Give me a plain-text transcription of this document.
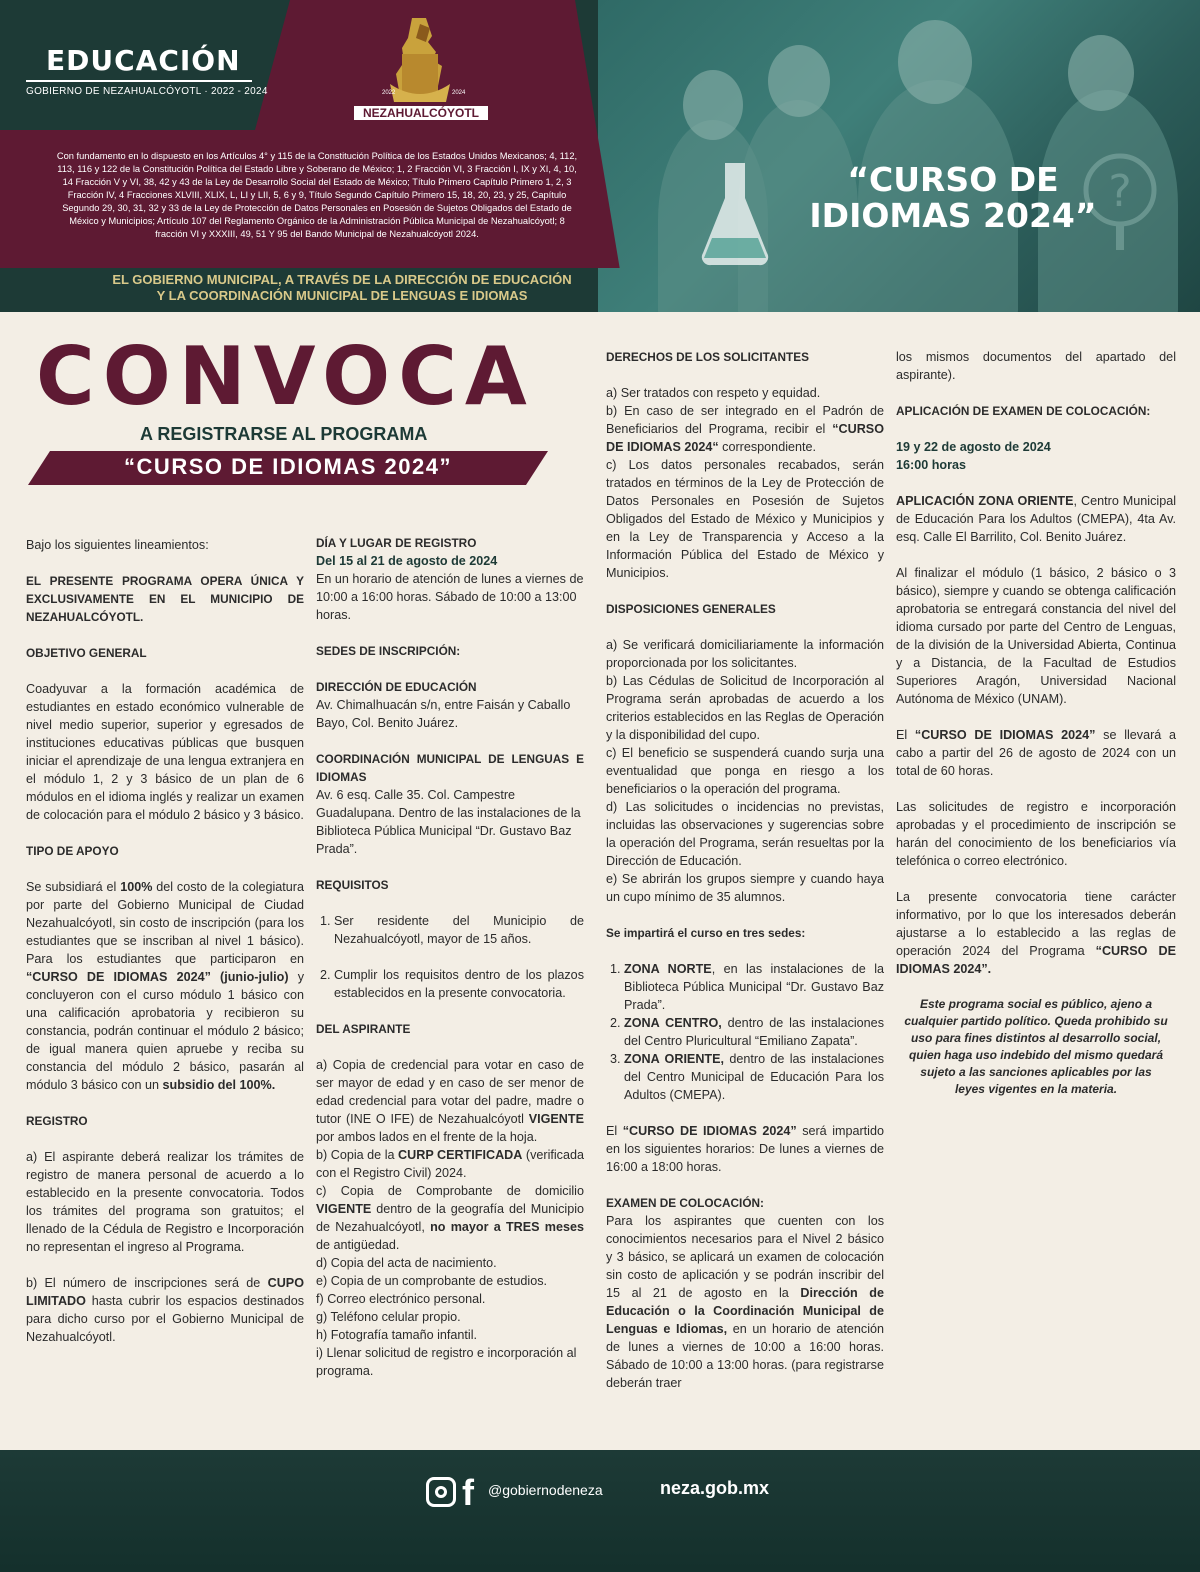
?
EDUCACIÓN
GOBIERNO DE NEZAHUALCÓYOTL · 2022 - 2024	2022	2024
NEZAHUALCÓYOTL
Con fundamento en lo dispuesto en los Artículos 4° y 115 de la Constitución Política de los Estados Unidos Mexicanos; 4, 112, 113, 116 y 122 de la Constitución Política del Estado Libre y Soberano de México; 1, 2 Fracción VI, 3 Fracción I, IX y XI, 4, 10, 14 Fracción V y VI, 38, 42 y 43 de la Ley de Desarrollo Social del Estado de México; Título Primero Capítulo Primero 1, 2, 3 Fracción IV, 4 Fracciones XLVIII, XLIX, L, LI y LII, 5, 6 y 9, Título Segundo Capítulo Primero 15, 18, 20, 23, y 25, Capítulo Segundo 29, 30, 31, 32 y 33 de la Ley de Protección de Datos Personales en Posesión de Sujetos Obligados del Estado de México y Municipios; Artículo 107 del Reglamento Orgánico de la Administración Pública Municipal de Nezahualcóyotl; 8 fracción VI y XXXIII, 49, 51 Y 95 del Bando Municipal de Nezahualcóyotl 2024.
EL GOBIERNO MUNICIPAL, A TRAVÉS DE LA DIRECCIÓN DE EDUCACIÓN
Y LA COORDINACIÓN MUNICIPAL DE LENGUAS E IDIOMAS
“CURSO DE
IDIOMAS 2024”
CONVOCA
A REGISTRARSE AL PROGRAMA
“CURSO DE IDIOMAS 2024”

Bajo los siguientes lineamientos:

EL PRESENTE PROGRAMA OPERA ÚNICA Y EXCLUSIVAMENTE EN EL MUNICIPIO DE NEZAHUALCÓYOTL.

OBJETIVO GENERAL

Coadyuvar a la formación académica de estudiantes en estado económico vulnerable de nivel medio superior, superior y egresados de instituciones educativas públicas que busquen iniciar el aprendizaje de una lengua extranjera en el módulo 1, 2 y 3 básico de un plan de 6 módulos en el idioma inglés y realizar un examen de colocación para el módulo 2 básico y 3 básico.

TIPO DE APOYO

Se subsidiará el 100% del costo de la colegiatura por parte del Gobierno Municipal de Ciudad Nezahualcóyotl, sin costo de inscripción (para los estudiantes que se inscriban al nivel 1 básico). Para los estudiantes que participaron en “CURSO DE IDIOMAS 2024” (junio-julio) y concluyeron con el curso módulo 1 básico con una calificación aprobatoria y recibieron su constancia, podrán continuar el módulo 2 básico; de igual manera quien apruebe y reciba su constancia del módulo 2 básico, pasarán al módulo 3 básico con un subsidio del 100%.

REGISTRO

a) El aspirante deberá realizar los trámites de registro de manera personal de acuerdo a lo establecido en la presente convocatoria. Todos los trámites del programa son gratuitos; el llenado de la Cédula de Registro e Incorporación no representan el ingreso al Programa.

b) El número de inscripciones será de CUPO LIMITADO hasta cubrir los espacios destinados para dicho curso por el Gobierno Municipal de Nezahualcóyotl.

DÍA Y LUGAR DE REGISTRO

Del 15 al 21 de agosto de 2024

En un horario de atención de lunes a viernes de 10:00 a 16:00 horas. Sábado de 10:00 a 13:00 horas.

SEDES DE INSCRIPCIÓN:

DIRECCIÓN DE EDUCACIÓN

Av. Chimalhuacán s/n, entre Faisán y Caballo Bayo, Col. Benito Juárez.

COORDINACIÓN MUNICIPAL DE LENGUAS E IDIOMAS

Av. 6 esq. Calle 35. Col. Campestre Guadalupana. Dentro de las instalaciones de la Biblioteca Pública Municipal “Dr. Gustavo Baz Prada”.

REQUISITOS

1. Ser residente del Municipio de Nezahualcóyotl, mayor de 15 años.
2. Cumplir los requisitos dentro de los plazos establecidos en la presente convocatoria.

DEL ASPIRANTE

a) Copia de credencial para votar en caso de ser mayor de edad y en caso de ser menor de edad credencial para votar del padre, madre o tutor (INE O IFE) de Nezahualcóyotl VIGENTE por ambos lados en el frente de la hoja.

b) Copia de la CURP CERTIFICADA (verificada con el Registro Civil) 2024.

c) Copia de Comprobante de domicilio VIGENTE dentro de la geografía del Municipio de Nezahualcóyotl, no mayor a TRES meses de antigüedad.

d) Copia del acta de nacimiento.

e) Copia de un comprobante de estudios.

f) Correo electrónico personal.

g) Teléfono celular propio.

h) Fotografía tamaño infantil.

i) Llenar solicitud de registro e incorporación al programa.

DERECHOS DE LOS SOLICITANTES

a) Ser tratados con respeto y equidad.

b) En caso de ser integrado en el Padrón de Beneficiarios del Programa, recibir el “CURSO DE IDIOMAS 2024“ correspondiente.

c) Los datos personales recabados, serán tratados en términos de la Ley de Protección de Datos Personales en Posesión de Sujetos Obligados del Estado de México y Municipios y en la Ley de Transparencia y Acceso a la Información Pública del Estado de México y Municipios.

DISPOSICIONES GENERALES

a) Se verificará domiciliariamente la información proporcionada por los solicitantes.

b) Las Cédulas de Solicitud de Incorporación al Programa serán aprobadas de acuerdo a los criterios establecidos en las Reglas de Operación y la disponibilidad del cupo.

c) El beneficio se suspenderá cuando surja una eventualidad que ponga en riesgo a los beneficiarios o la operación del programa.

d) Las solicitudes o incidencias no previstas, incluidas las observaciones y sugerencias sobre la operación del Programa, serán resueltas por la Dirección de Educación.

e) Se abrirán los grupos siempre y cuando haya un cupo mínimo de 35 alumnos.

Se impartirá el curso en tres sedes:

1. ZONA NORTE, en las instalaciones de la Biblioteca Pública Municipal “Dr. Gustavo Baz Prada”.
2. ZONA CENTRO, dentro de las instalaciones del Centro Pluricultural “Emiliano Zapata”.
3. ZONA ORIENTE, dentro de las instalaciones del Centro Municipal de Educación Para los Adultos (CMEPA).

El “CURSO DE IDIOMAS 2024” será impartido en los siguientes horarios: De lunes a viernes de 16:00 a 18:00 horas.

EXAMEN DE COLOCACIÓN:

Para los aspirantes que cuenten con los conocimientos necesarios para el Nivel 2 básico y 3 básico, se aplicará un examen de colocación sin costo de aplicación y se podrán inscribir del 15 al 21 de agosto en la Dirección de Educación o la Coordinación Municipal de Lenguas e Idiomas, en un horario de atención de lunes a viernes de 10:00 a 16:00 horas. Sábado de 10:00 a 13:00 horas. (para registrarse deberán traer

los mismos documentos del apartado del aspirante).

APLICACIÓN DE EXAMEN DE COLOCACIÓN:

19 y 22 de agosto de 2024

16:00 horas

APLICACIÓN ZONA ORIENTE, Centro Municipal de Educación Para los Adultos (CMEPA), 4ta Av. esq. Calle El Barrilito, Col. Benito Juárez.

Al finalizar el módulo (1 básico, 2 básico o 3 básico), siempre y cuando se obtenga calificación aprobatoria se entregará constancia del nivel del idioma cursado por parte del Centro de Lenguas, de la división de la Universidad Abierta, Continua y a Distancia, de la Facultad de Estudios Superiores Aragón, Universidad Nacional Autónoma de México (UNAM).

El “CURSO DE IDIOMAS 2024” se llevará a cabo a partir del 26 de agosto de 2024 con un total de 60 horas.

Las solicitudes de registro e incorporación aprobadas y el procedimiento de inscripción se harán del conocimiento de los beneficiarios vía telefónica o correo electrónico.

La presente convocatoria tiene carácter informativo, por lo que los interesados deberán ajustarse a lo establecido a las reglas de operación 2024 del Programa “CURSO DE IDIOMAS 2024”.

Este programa social es público, ajeno a cualquier partido político. Queda prohibido su uso para fines distintos al desarrollo social, quien haga uso indebido del mismo quedará sujeto a las sanciones aplicables por las leyes vigentes en la materia.

f @gobiernodeneza	neza.gob.mx
